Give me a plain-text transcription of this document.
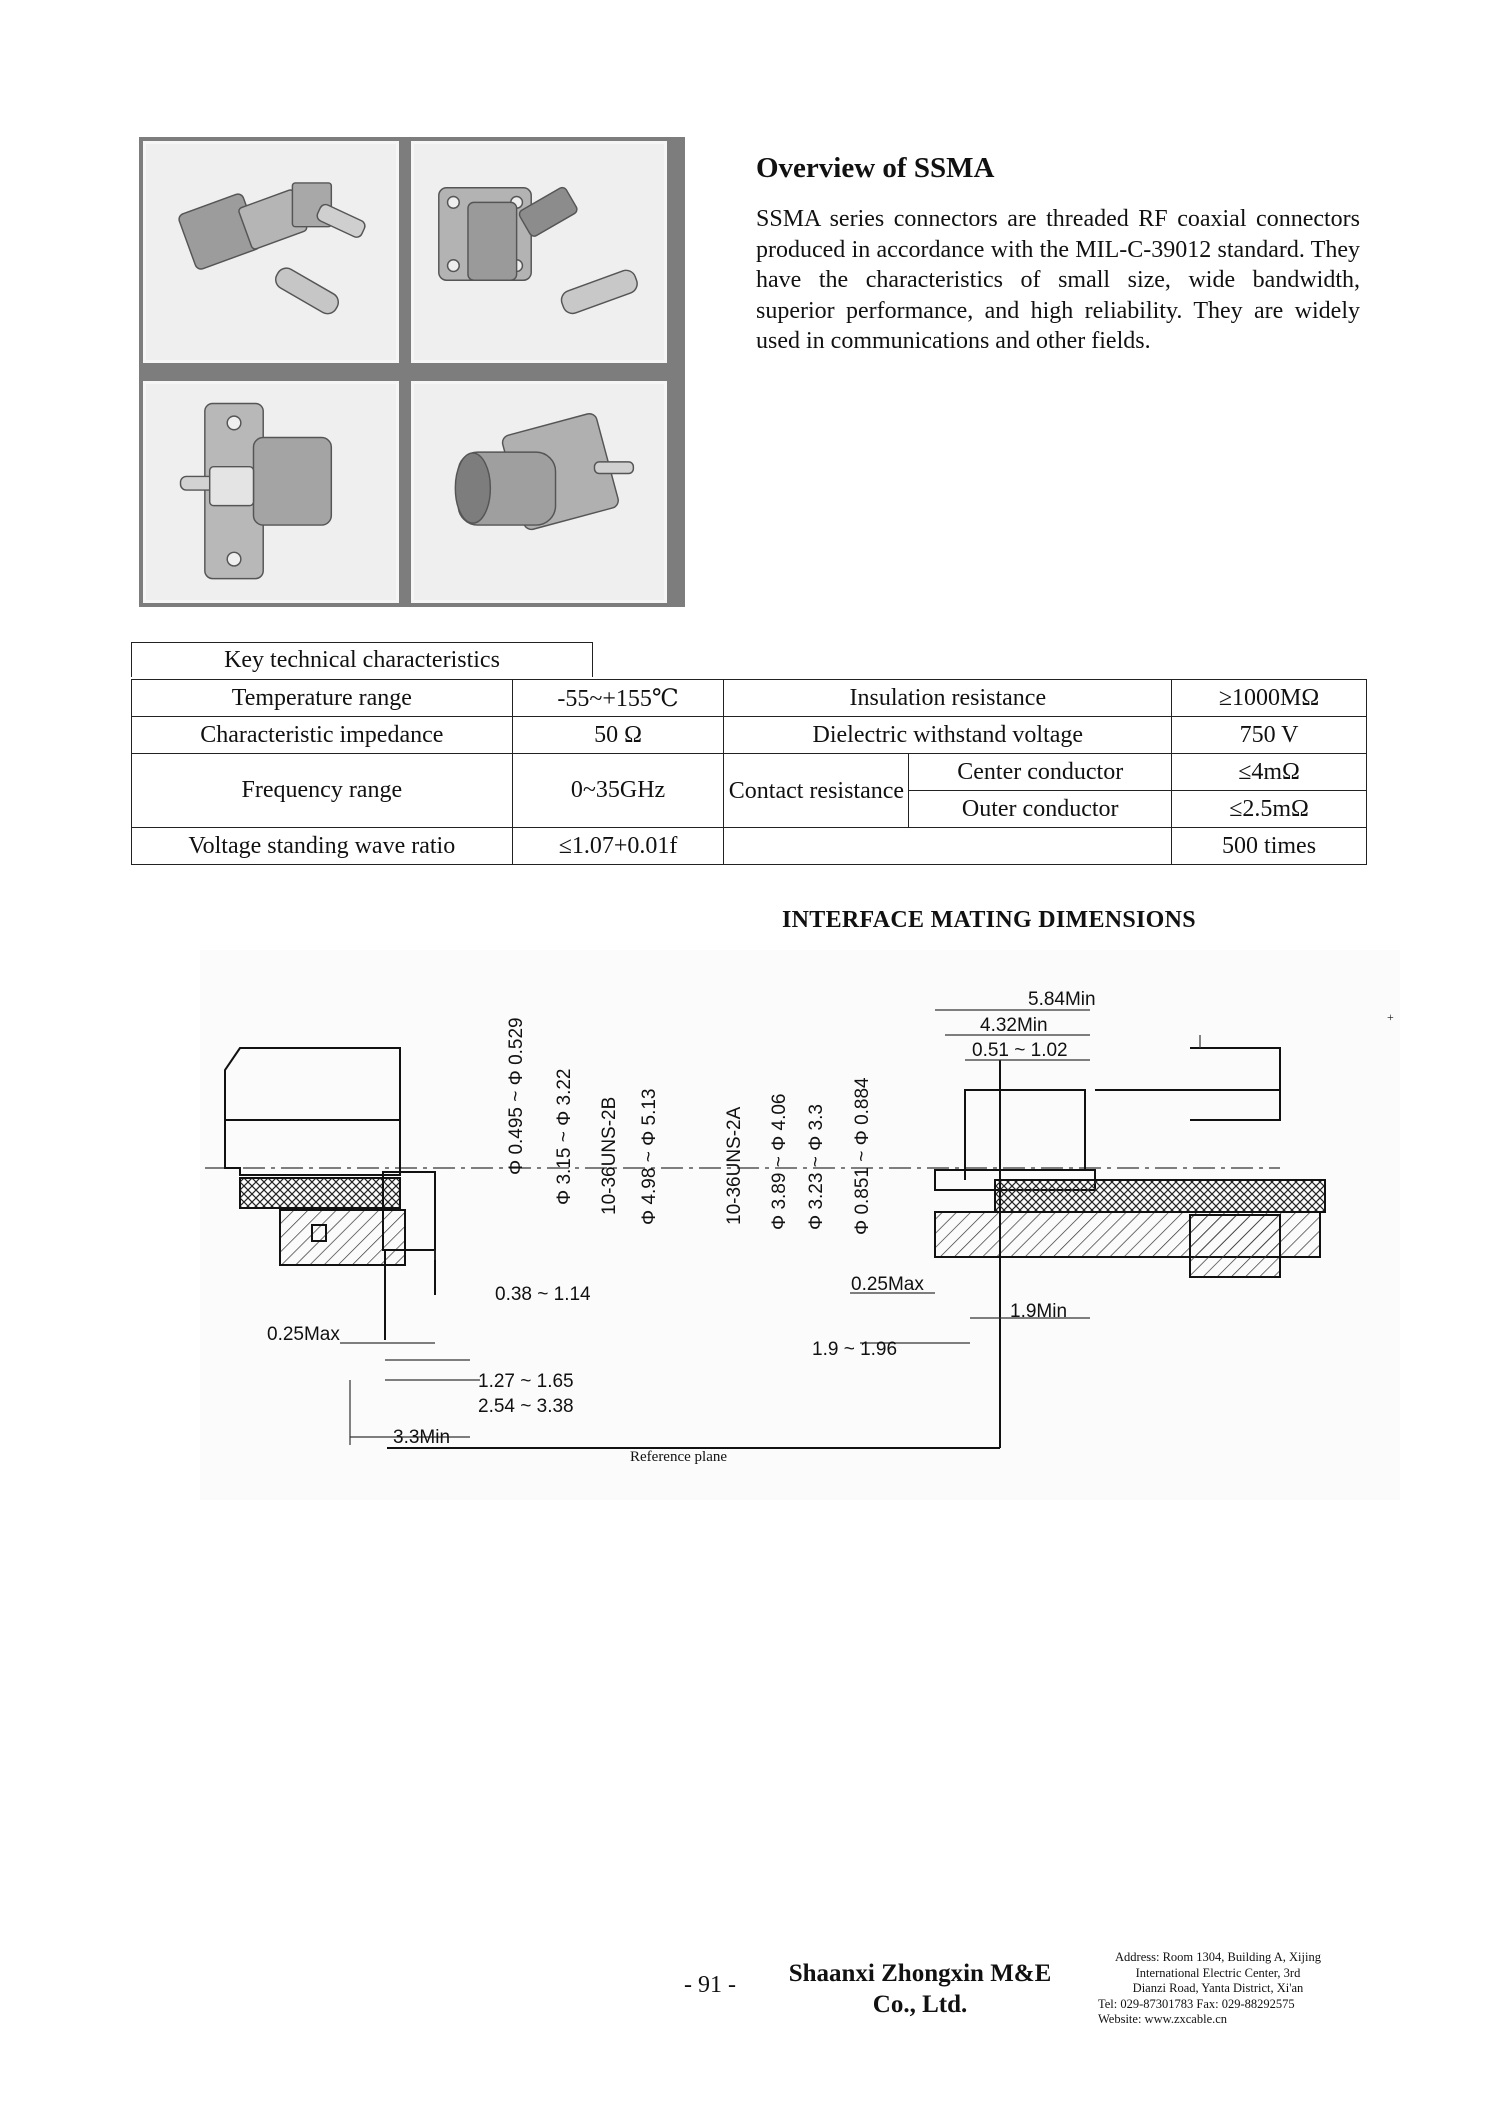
Overview of SSMA
SSMA series connectors are threaded RF coaxial connectors produced in accordance with the MIL-C-39012 standard. They have the characteristics of small size, wide bandwidth, superior performance, and high reliability. They are widely used in communications and other fields.
Key technical characteristics
Temperature range	-55~+155℃	Insulation resistance		≥1000MΩ
Characteristic impedance	50 Ω	Dielectric withstand voltage		750 V
Frequency range	0~35GHz	Contact resistance	Center conductor	≤4mΩ
			Outer conductor	≤2.5mΩ
Voltage standing wave ratio	≤1.07+0.01f			500 times
INTERFACE MATING DIMENSIONS
Φ 0.495 ~ Φ 0.529 Φ 3.15 ~ Φ 3.22 10-36UNS-2B Φ 4.98 ~ Φ 5.13	10-36UNS-2A Φ 3.89 ~ Φ 4.06 Φ 3.23 ~ Φ 3.3 Φ 0.851 ~ Φ 0.884
5.84Min
4.32Min
0.51 ~ 1.02
0.38 ~ 1.14
0.25Max
0.25Max
1.9Min
1.9 ~ 1.96
1.27 ~ 1.65
2.54 ~ 3.38
3.3Min
Reference plane
+
- 91 -	Shaanxi Zhongxin M&E
Co., Ltd.
Address: Room 1304, Building A, Xijing
International Electric Center, 3rd
Dianzi Road, Yanta District, Xi'an
Tel: 029-87301783 Fax: 029-88292575
Website: www.zxcable.cn
